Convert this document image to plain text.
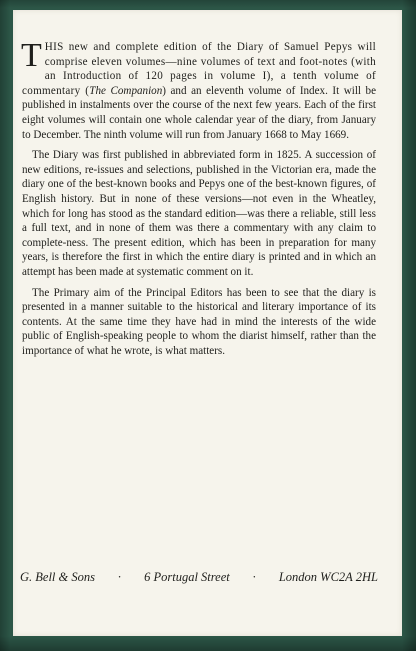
THIS new and complete edition of the Diary of Samuel Pepys will comprise eleven volumes—nine volumes of text and foot-notes (with an Introduction of 120 pages in volume I), a tenth volume of commentary (The Companion) and an eleventh volume of Index. It will be published in instalments over the course of the next few years. Each of the first eight volumes will contain one whole calendar year of the diary, from January to December. The ninth volume will run from January 1668 to May 1669.

The Diary was first published in abbreviated form in 1825. A succession of new editions, re-issues and selections, published in the Victorian era, made the diary one of the best-known books and Pepys one of the best-known figures, of English history. But in none of these versions—not even in the Wheatley, which for long has stood as the standard edition—was there a reliable, still less a full text, and in none of them was there a commentary with any claim to complete-ness. The present edition, which has been in preparation for many years, is therefore the first in which the entire diary is printed and in which an attempt has been made at systematic comment on it.

The Primary aim of the Principal Editors has been to see that the diary is presented in a manner suitable to the historical and literary importance of its contents. At the same time they have had in mind the interests of the wide public of English-speaking people to whom the diarist himself, rather than the importance of what he wrote, is what matters.

G. Bell & Sons · 6 Portugal Street · London WC2A 2HL
